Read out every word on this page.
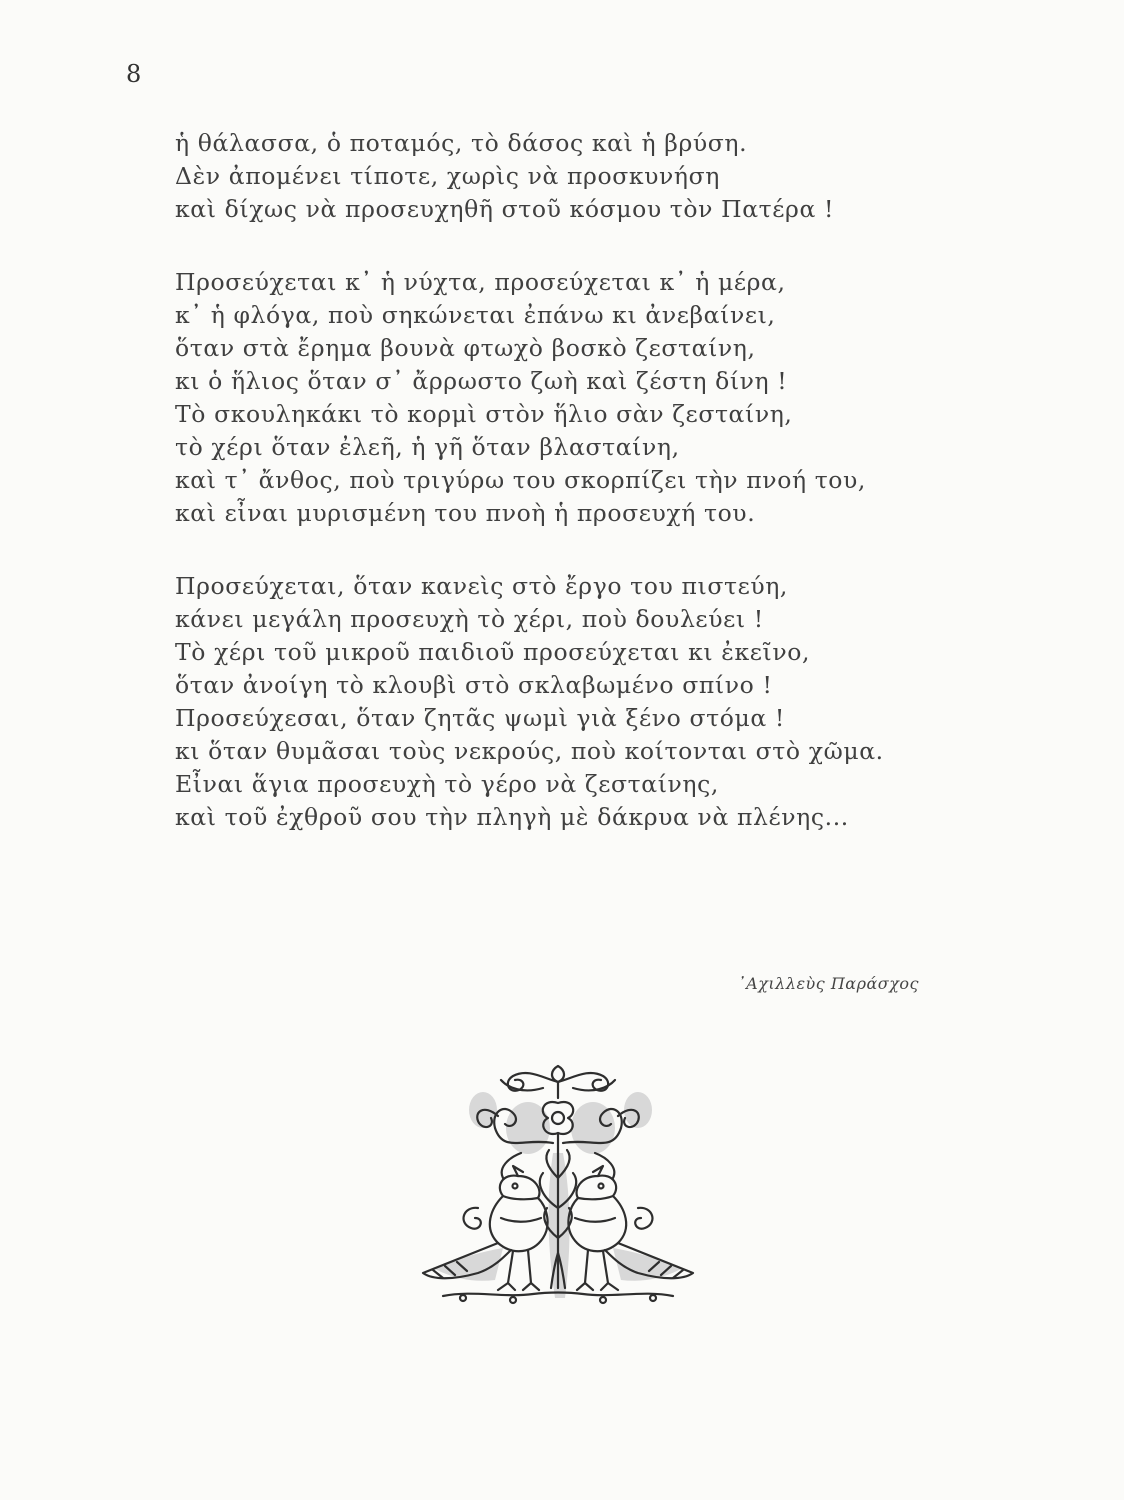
8
ἡ θάλασσα, ὁ ποταμός, τὸ δάσος καὶ ἡ βρύση.
Δὲν ἀπομένει τίποτε, χωρὶς νὰ προσκυνήση
καὶ δίχως νὰ προσευχηθῆ στοῦ κόσμου τὸν Πατέρα !
Προσεύχεται κ᾽ ἡ νύχτα, προσεύχεται κ᾽ ἡ μέρα,
κ᾽ ἡ φλόγα, ποὺ σηκώνεται ἐπάνω κι ἀνεβαίνει,
ὅταν στὰ ἔρημα βουνὰ φτωχὸ βοσκὸ ζεσταίνη,
κι ὁ ἥλιος ὅταν σ᾽ ἄρρωστο ζωὴ καὶ ζέστη δίνη !
Τὸ σκουληκάκι τὸ κορμὶ στὸν ἥλιο σὰν ζεσταίνη,
τὸ χέρι ὅταν ἐλεῆ, ἡ γῆ ὅταν βλασταίνη,
καὶ τ᾽ ἄνθος, ποὺ τριγύρω του σκορπίζει τὴν πνοή του,
καὶ εἶναι μυρισμένη του πνοὴ ἡ προσευχή του.
Προσεύχεται, ὅταν κανεὶς στὸ ἔργο του πιστεύη,
κάνει μεγάλη προσευχὴ τὸ χέρι, ποὺ δουλεύει !
Τὸ χέρι τοῦ μικροῦ παιδιοῦ προσεύχεται κι ἐκεῖνο,
ὅταν ἀνοίγη τὸ κλουβὶ στὸ σκλαβωμένο σπίνο !
Προσεύχεσαι, ὅταν ζητᾶς ψωμὶ γιὰ ξένο στόμα !
κι ὅταν θυμᾶσαι τοὺς νεκρούς, ποὺ κοίτονται στὸ χῶμα.
Εἶναι ἅγια προσευχὴ τὸ γέρο νὰ ζεσταίνης,
καὶ τοῦ ἐχθροῦ σου τὴν πληγὴ μὲ δάκρυα νὰ πλένης...
᾽Αχιλλεὺς Παράσχος
